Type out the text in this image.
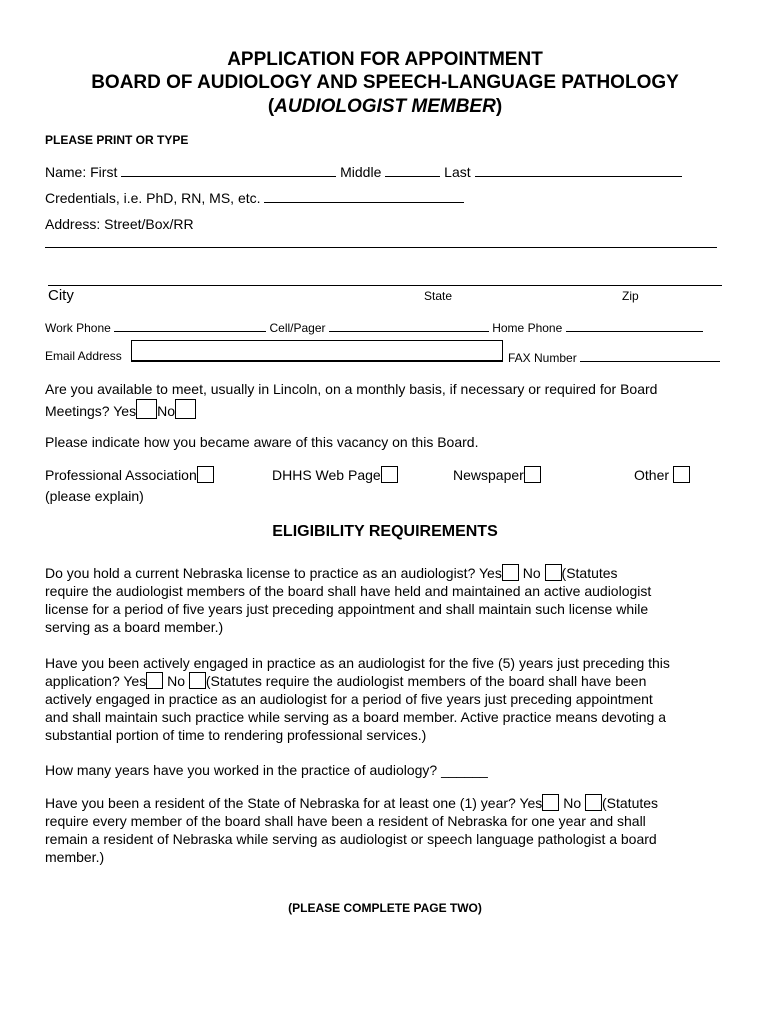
APPLICATION FOR APPOINTMENT
BOARD OF AUDIOLOGY AND SPEECH-LANGUAGE PATHOLOGY
(AUDIOLOGIST MEMBER)
PLEASE PRINT OR TYPE
Name: First	Middle	Last
Credentials, i.e. PhD, RN, MS, etc.
Address: Street/Box/RR
City	State	Zip
Work Phone	Cell/Pager	Home Phone
Email Address	FAX Number
Are you available to meet, usually in Lincoln, on a monthly basis, if necessary or required for Board
Meetings? Yes No
Please indicate how you became aware of this vacancy on this Board.
Professional Association
(please explain)
DHHS Web Page	Newspaper	Other
ELIGIBILITY REQUIREMENTS
Do you hold a current Nebraska license to practice as an audiologist? Yes No (Statutes
require the audiologist members of the board shall have held and maintained an active audiologist
license for a period of five years just preceding appointment and shall maintain such license while
serving as a board member.)
Have you been actively engaged in practice as an audiologist for the five (5) years just preceding this
application? Yes No (Statutes require the audiologist members of the board shall have been
actively engaged in practice as an audiologist for a period of five years just preceding appointment
and shall maintain such practice while serving as a board member. Active practice means devoting a
substantial portion of time to rendering professional services.)
How many years have you worked in the practice of audiology? ______
Have you been a resident of the State of Nebraska for at least one (1) year? Yes No (Statutes
require every member of the board shall have been a resident of Nebraska for one year and shall
remain a resident of Nebraska while serving as audiologist or speech language pathologist a board
member.)
(PLEASE COMPLETE PAGE TWO)
